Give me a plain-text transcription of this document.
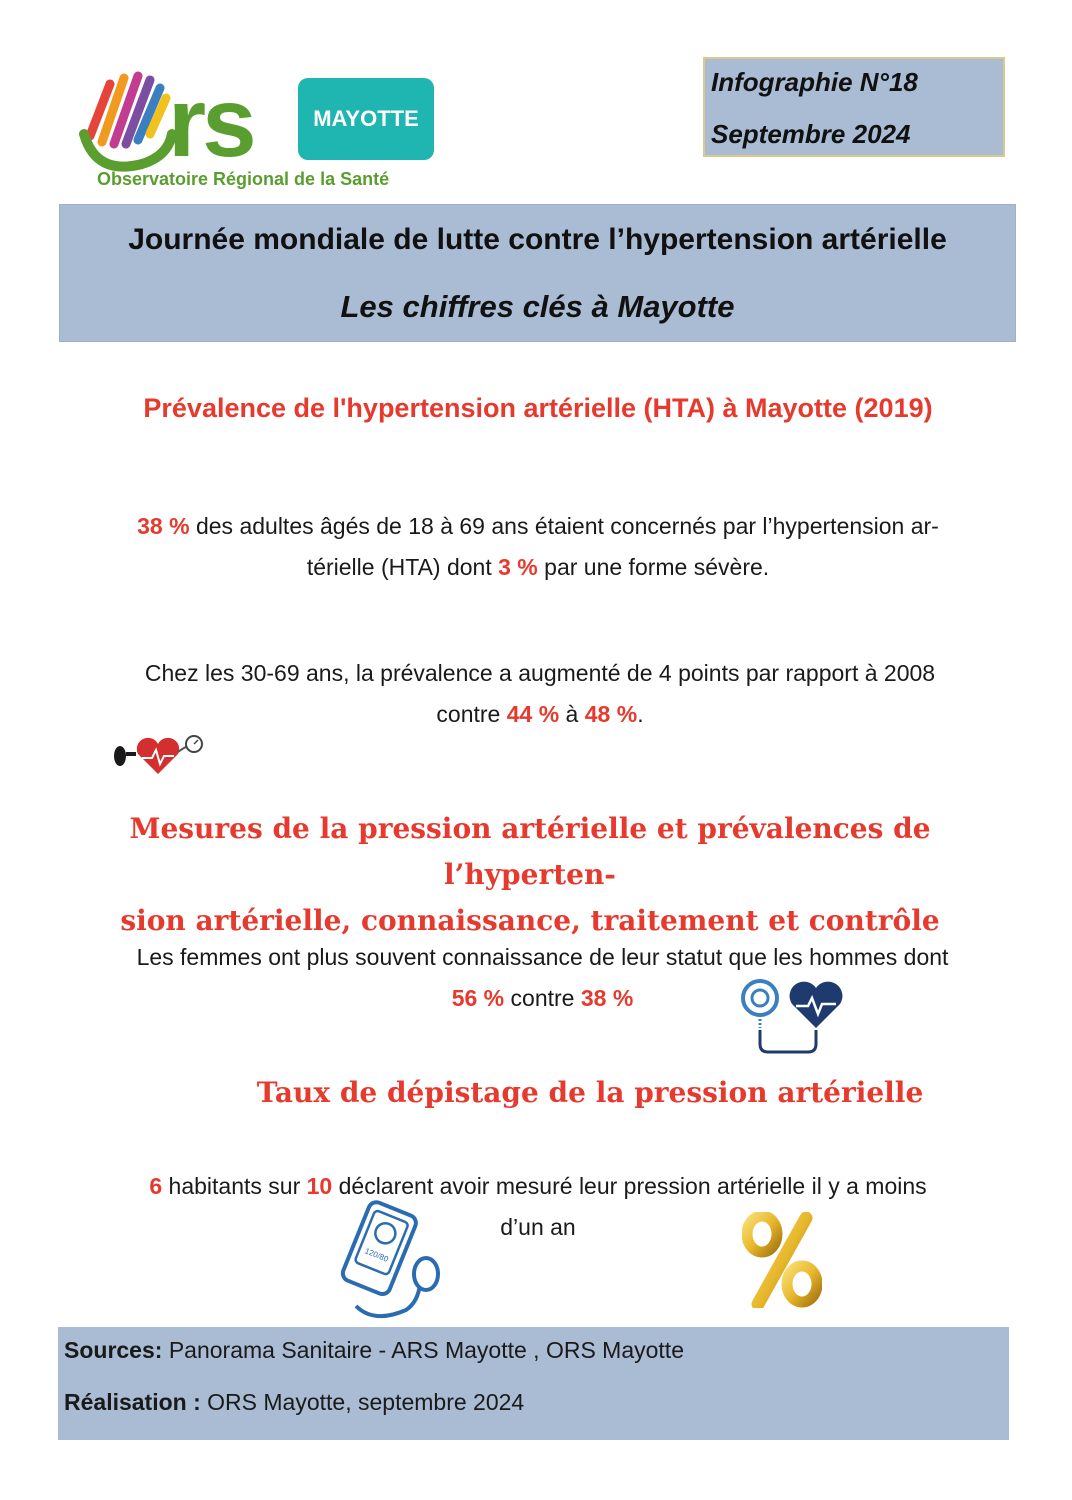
rs	MAYOTTE
Observatoire Régional de la Santé
Infographie N°18
Septembre 2024
Journée mondiale de lutte contre l’hypertension artérielle
Les chiffres clés à Mayotte
Prévalence de l'hypertension artérielle (HTA) à Mayotte (2019)
38 % des adultes âgés de 18 à 69 ans étaient concernés par l’hypertension ar-
térielle (HTA) dont 3 % par une forme sévère.
Chez les 30-69 ans, la prévalence a augmenté de 4 points par rapport à 2008
contre 44 % à 48 %.
Mesures de la pression artérielle et prévalences de l’hyperten-
sion artérielle, connaissance, traitement et contrôle
Les femmes ont plus souvent connaissance de leur statut que les hommes dont
56 % contre 38 %
Taux de dépistage de la pression artérielle
6 habitants sur 10 déclarent avoir mesuré leur pression artérielle il y a moins
d’un an
120/80
Sources: Panorama Sanitaire - ARS Mayotte , ORS Mayotte
Réalisation : ORS Mayotte, septembre 2024
